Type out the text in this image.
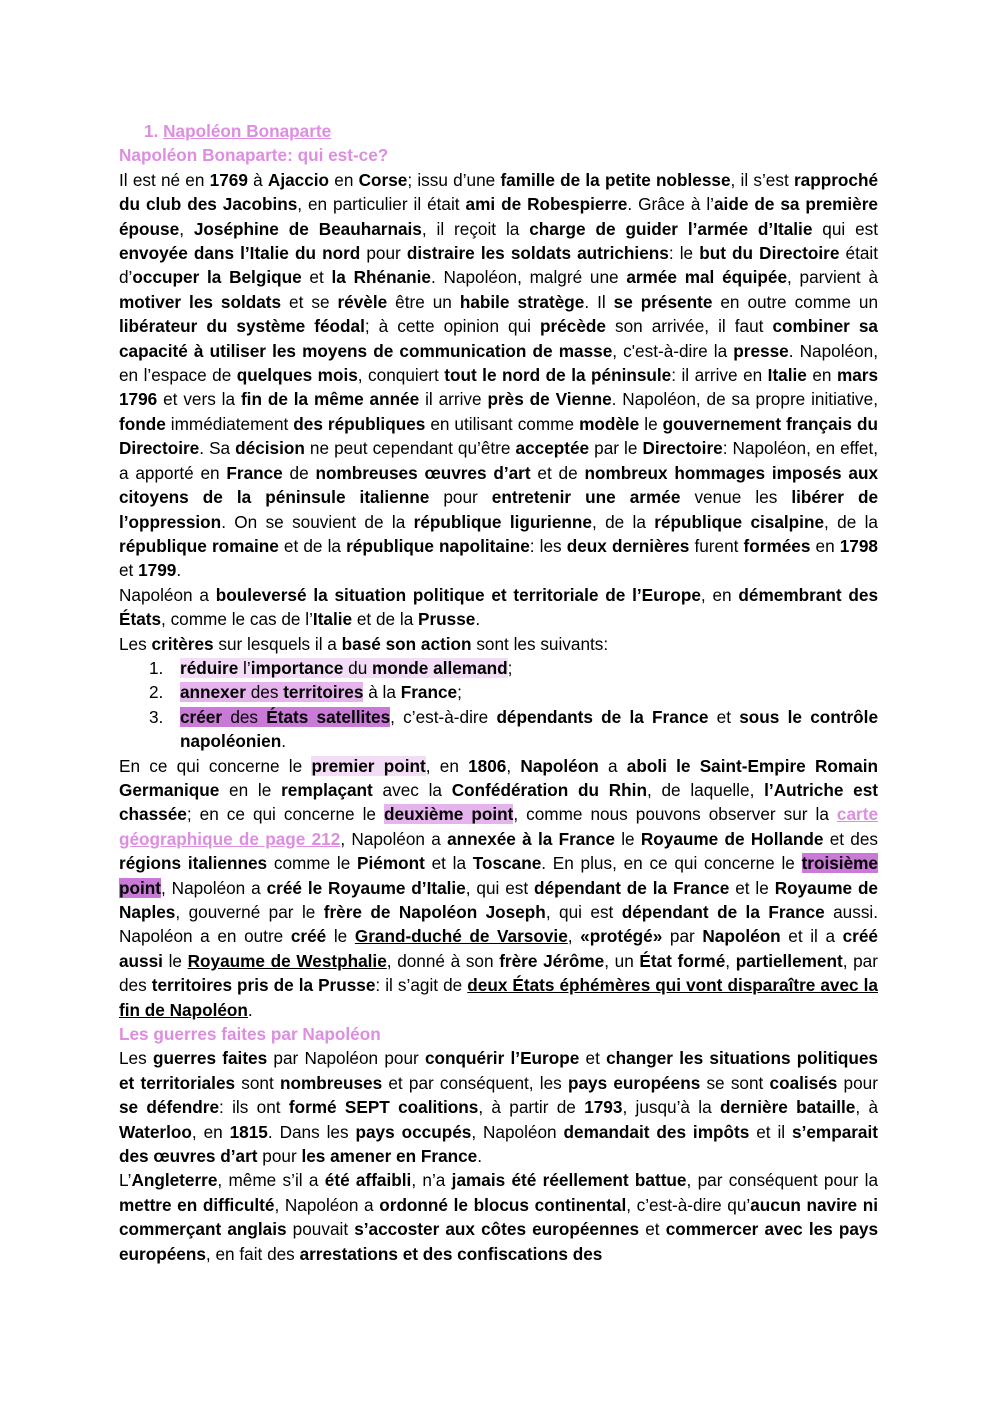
1. Napoléon Bonaparte

Napoléon Bonaparte: qui est-ce?

Il est né en 1769 à Ajaccio en Corse; issu d’une famille de la petite noblesse, il s’est rapproché du club des Jacobins, en particulier il était ami de Robespierre. Grâce à l’aide de sa première épouse, Joséphine de Beauharnais, il reçoit la charge de guider l’armée d’Italie qui est envoyée dans l’Italie du nord pour distraire les soldats autrichiens: le but du Directoire était d’occuper la Belgique et la Rhénanie. Napoléon, malgré une armée mal équipée, parvient à motiver les soldats et se révèle être un habile stratège. Il se présente en outre comme un libérateur du système féodal; à cette opinion qui précède son arrivée, il faut combiner sa capacité à utiliser les moyens de communication de masse, c'est-à-dire la presse. Napoléon, en l’espace de quelques mois, conquiert tout le nord de la péninsule: il arrive en Italie en mars 1796 et vers la fin de la même année il arrive près de Vienne. Napoléon, de sa propre initiative, fonde immédiatement des républiques en utilisant comme modèle le gouvernement français du Directoire. Sa décision ne peut cependant qu’être acceptée par le Directoire: Napoléon, en effet, a apporté en France de nombreuses œuvres d’art et de nombreux hommages imposés aux citoyens de la péninsule italienne pour entretenir une armée venue les libérer de l’oppression. On se souvient de la république ligurienne, de la république cisalpine, de la république romaine et de la république napolitaine: les deux dernières furent formées en 1798 et 1799.

Napoléon a bouleversé la situation politique et territoriale de l’Europe, en démembrant des États, comme le cas de l’Italie et de la Prusse.

Les critères sur lesquels il a basé son action sont les suivants:

1. réduire l’importance du monde allemand;
2. annexer des territoires à la France;
3. créer des États satellites, c’est-à-dire dépendants de la France et sous le contrôle napoléonien.

En ce qui concerne le premier point, en 1806, Napoléon a aboli le Saint-Empire Romain Germanique en le remplaçant avec la Confédération du Rhin, de laquelle, l’Autriche est chassée; en ce qui concerne le deuxième point, comme nous pouvons observer sur la carte géographique de page 212, Napoléon a annexée à la France le Royaume de Hollande et des régions italiennes comme le Piémont et la Toscane. En plus, en ce qui concerne le troisième point, Napoléon a créé le Royaume d’Italie, qui est dépendant de la France et le Royaume de Naples, gouverné par le frère de Napoléon Joseph, qui est dépendant de la France aussi. Napoléon a en outre créé le Grand-duché de Varsovie, «protégé» par Napoléon et il a créé aussi le Royaume de Westphalie, donné à son frère Jérôme, un État formé, partiellement, par des territoires pris de la Prusse: il s’agit de deux États éphémères qui vont disparaître avec la fin de Napoléon.

Les guerres faites par Napoléon

Les guerres faites par Napoléon pour conquérir l’Europe et changer les situations politiques et territoriales sont nombreuses et par conséquent, les pays européens se sont coalisés pour se défendre: ils ont formé SEPT coalitions, à partir de 1793, jusqu’à la dernière bataille, à Waterloo, en 1815. Dans les pays occupés, Napoléon demandait des impôts et il s’emparait des œuvres d’art pour les amener en France.

L’Angleterre, même s’il a été affaibli, n’a jamais été réellement battue, par conséquent pour la mettre en difficulté, Napoléon a ordonné le blocus continental, c’est-à-dire qu’aucun navire ni commerçant anglais pouvait s’accoster aux côtes européennes et commercer avec les pays européens, en fait des arrestations et des confiscations des
